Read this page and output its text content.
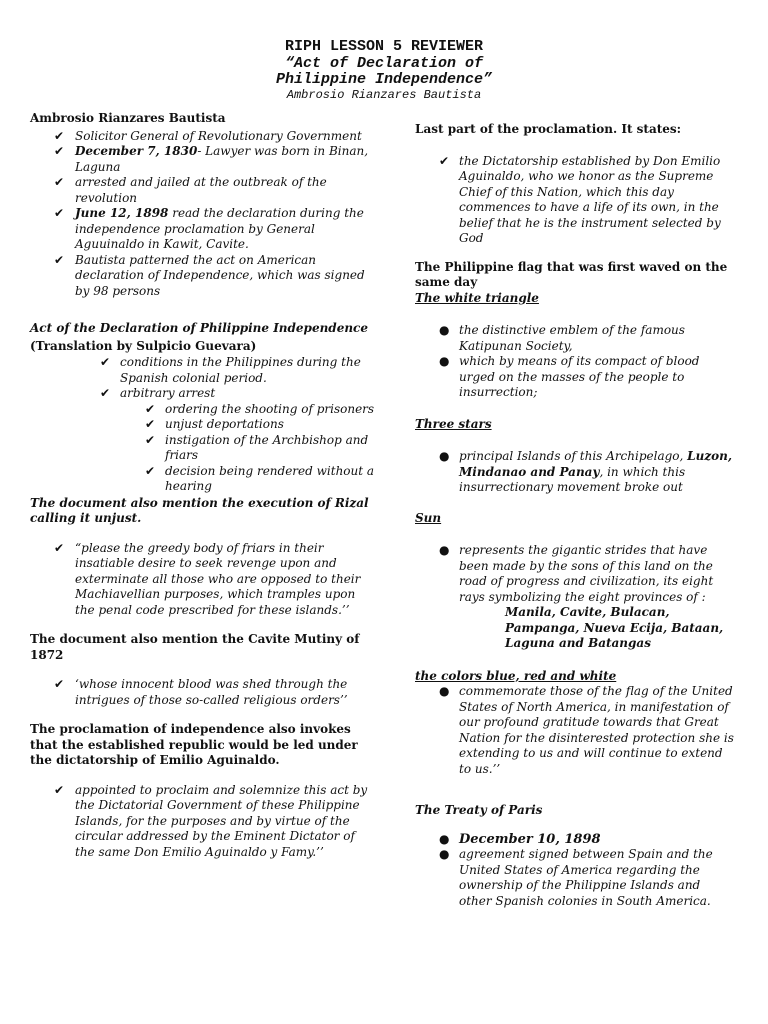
RIPH LESSON 5 REVIEWER
“Act of Declaration of
Philippine Independence”
Ambrosio Rianzares Bautista

Ambrosio Rianzares Bautista

✔ Solicitor General of Revolutionary Government

✔ December 7, 1830- Lawyer was born in Binan, Laguna

✔ arrested and jailed at the outbreak of the revolution

✔ June 12, 1898 read the declaration during the independence proclamation by General Aguuinaldo in Kawit, Cavite.

✔ Bautista patterned the act on American declaration of Independence, which was signed by 98 persons

Act of the Declaration of Philippine Independence (Translation by Sulpicio Guevara)

✔ conditions in the Philippines during the Spanish colonial period.

✔ arbitrary arrest

✔ ordering the shooting of prisoners

✔ unjust deportations

✔ instigation of the Archbishop and friars

✔ decision being rendered without a hearing

The document also mention the execution of Rizal calling it unjust.

✔ “please the greedy body of friars in their insatiable desire to seek revenge upon and exterminate all those who are opposed to their Machiavellian purposes, which tramples upon the penal code prescribed for these islands.’’

The document also mention the Cavite Mutiny of 1872

✔ ‘whose innocent blood was shed through the intrigues of those so-called religious orders’’

The proclamation of independence also invokes that the established republic would be led under the dictatorship of Emilio Aguinaldo.

✔ appointed to proclaim and solemnize this act by the Dictatorial Government of these Philippine Islands, for the purposes and by virtue of the circular addressed by the Eminent Dictator of the same Don Emilio Aguinaldo y Famy.’’

Last part of the proclamation. It states:

✔ the Dictatorship established by Don Emilio Aguinaldo, who we honor as the Supreme Chief of this Nation, which this day commences to have a life of its own, in the belief that he is the instrument selected by God

The Philippine flag that was first waved on the same day

The white triangle

● the distinctive emblem of the famous Katipunan Society,

● which by means of its compact of blood urged on the masses of the people to insurrection;

Three stars

● principal Islands of this Archipelago, Luzon, Mindanao and Panay, in which this insurrectionary movement broke out

Sun

● represents the gigantic strides that have been made by the sons of this land on the road of progress and civilization, its eight rays symbolizing the eight provinces of :

Manila, Cavite, Bulacan,

Pampanga, Nueva Ecija, Bataan,

Laguna and Batangas

the colors blue, red and white

● commemorate those of the flag of the United States of North America, in manifestation of our profound gratitude towards that Great Nation for the disinterested protection she is extending to us and will continue to extend to us.’’

The Treaty of Paris

● December 10, 1898

● agreement signed between Spain and the United States of America regarding the ownership of the Philippine Islands and other Spanish colonies in South America.
